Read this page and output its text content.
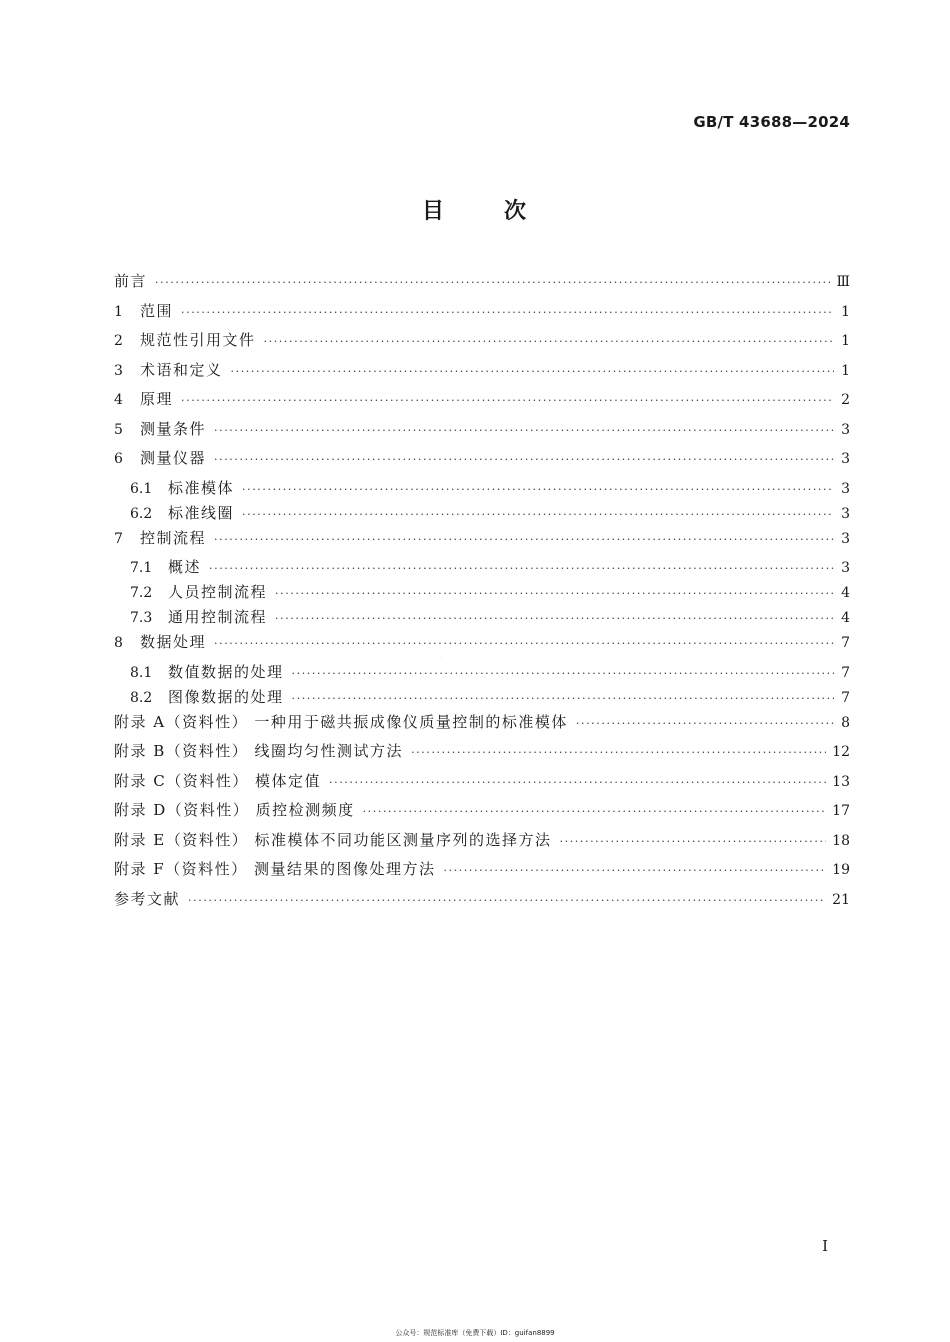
GB/T 43688—2024
目	次
前言 ·····	Ⅲ
1	范围 ·····	1
2	规范性引用文件 ·····	1
3	术语和定义 ·····	1
4	原理 ·····	2
5	测量条件 ·····	3
6	测量仪器 ·····	3
6.1	标准模体 ·····	3
6.2	标准线圈 ·····	3
7	控制流程 ·····	3
7.1	概述 ·····	3
7.2	人员控制流程 ·····	4
7.3	通用控制流程 ·····	4
8	数据处理 ·····	7
8.1	数值数据的处理 ·····	7
8.2	图像数据的处理 ·····	7
附录 A（资料性） 一种用于磁共振成像仪质量控制的标准模体 ·····	8
附录 B（资料性） 线圈均匀性测试方法 ·····	12
附录 C（资料性） 模体定值 ·····	13
附录 D（资料性） 质控检测频度 ·····	17
附录 E（资料性） 标准模体不同功能区测量序列的选择方法 ·····	18
附录 F（资料性） 测量结果的图像处理方法 ·····	19
参考文献 ·····	21
·
I
公众号：规范标准库（免费下载）ID：guifan8899
